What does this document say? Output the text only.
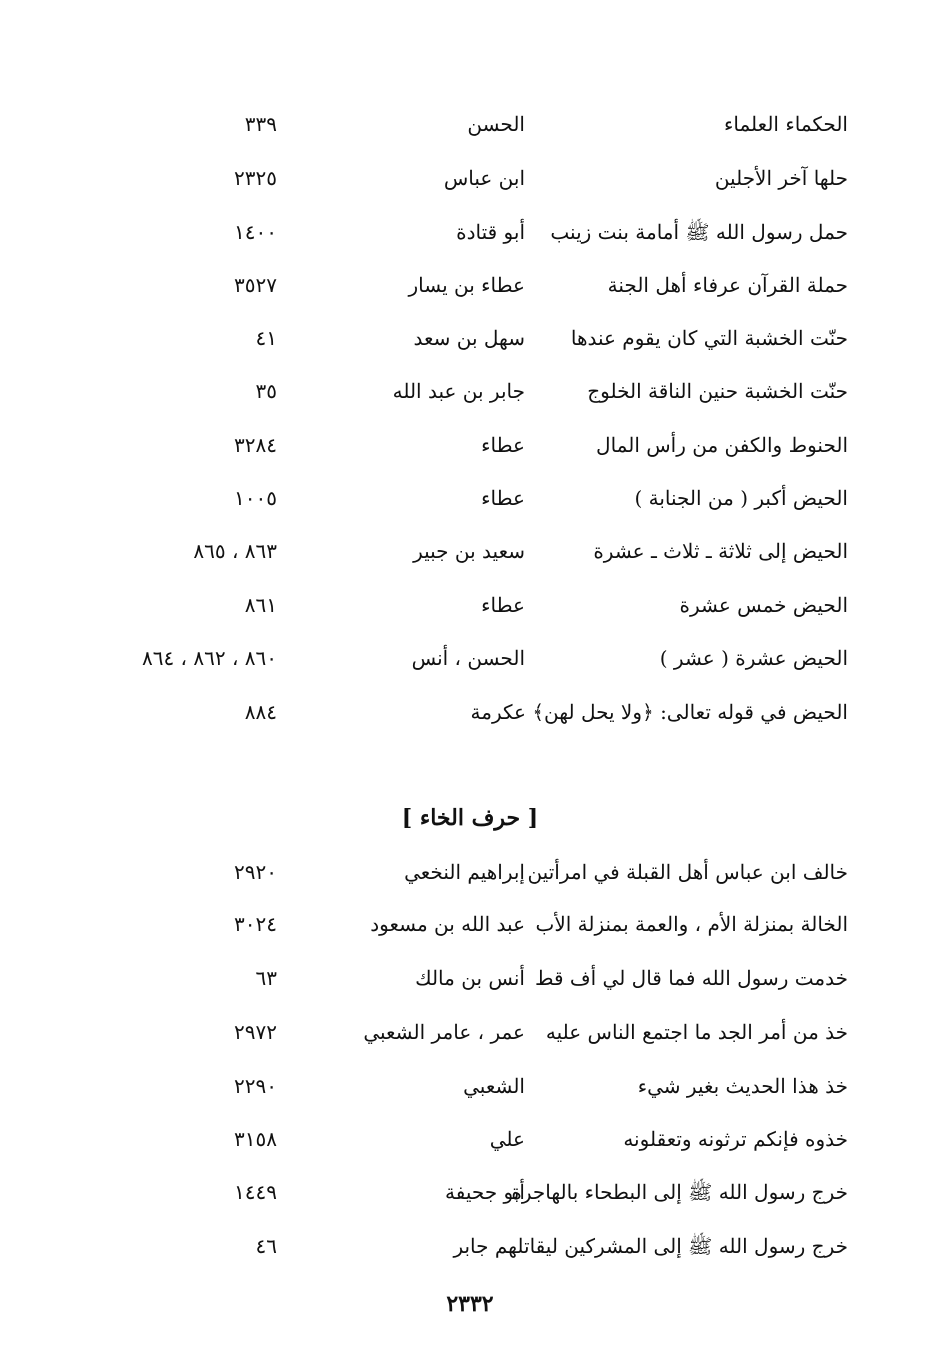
الحكماء العلماء
الحسن
٣٣٩
حلها آخر الأجلين
ابن عباس
٢٣٢٥
حمل رسول الله ﷺ أمامة بنت زينب
أبو قتادة
١٤٠٠
حملة القرآن عرفاء أهل الجنة
عطاء بن يسار
٣٥٢٧
حنّت الخشبة التي كان يقوم عندها
سهل بن سعد
٤١
حنّت الخشبة حنين الناقة الخلوج
جابر بن عبد الله
٣٥
الحنوط والكفن من رأس المال
عطاء
٣٢٨٤
الحيض أكبر ( من الجنابة )
عطاء
١٠٠٥
الحيض إلى ثلاثة ـ ثلاث ـ عشرة
سعيد بن جبير
٨٦٣ ، ٨٦٥
الحيض خمس عشرة
عطاء
٨٦١
الحيض عشرة ( عشر )
الحسن ، أنس
٨٦٠ ، ٨٦٢ ، ٨٦٤
الحيض في قوله تعالى: ﴿ولا يحل لهن﴾ عكرمة
٨٨٤
[ حرف الخاء ]
خالف ابن عباس أهل القبلة في امرأتين
إبراهيم النخعي
٢٩٢٠
الخالة بمنزلة الأم ، والعمة بمنزلة الأب
عبد الله بن مسعود
٣٠٢٤
خدمت رسول الله فما قال لي أف قط
أنس بن مالك
٦٣
خذ من أمر الجد ما اجتمع الناس عليه
عمر ، عامر الشعبي
٢٩٧٢
خذ هذا الحديث بغير شيء
الشعبي
٢٢٩٠
خذوه فإنكم ترثونه وتعقلونه
علي
٣١٥٨
خرج رسول الله ﷺ إلى البطحاء بالهاجرة
أبو جحيفة
١٤٤٩
خرج رسول الله ﷺ إلى المشركين ليقاتلهم جابر
٤٦
٢٣٣٢
